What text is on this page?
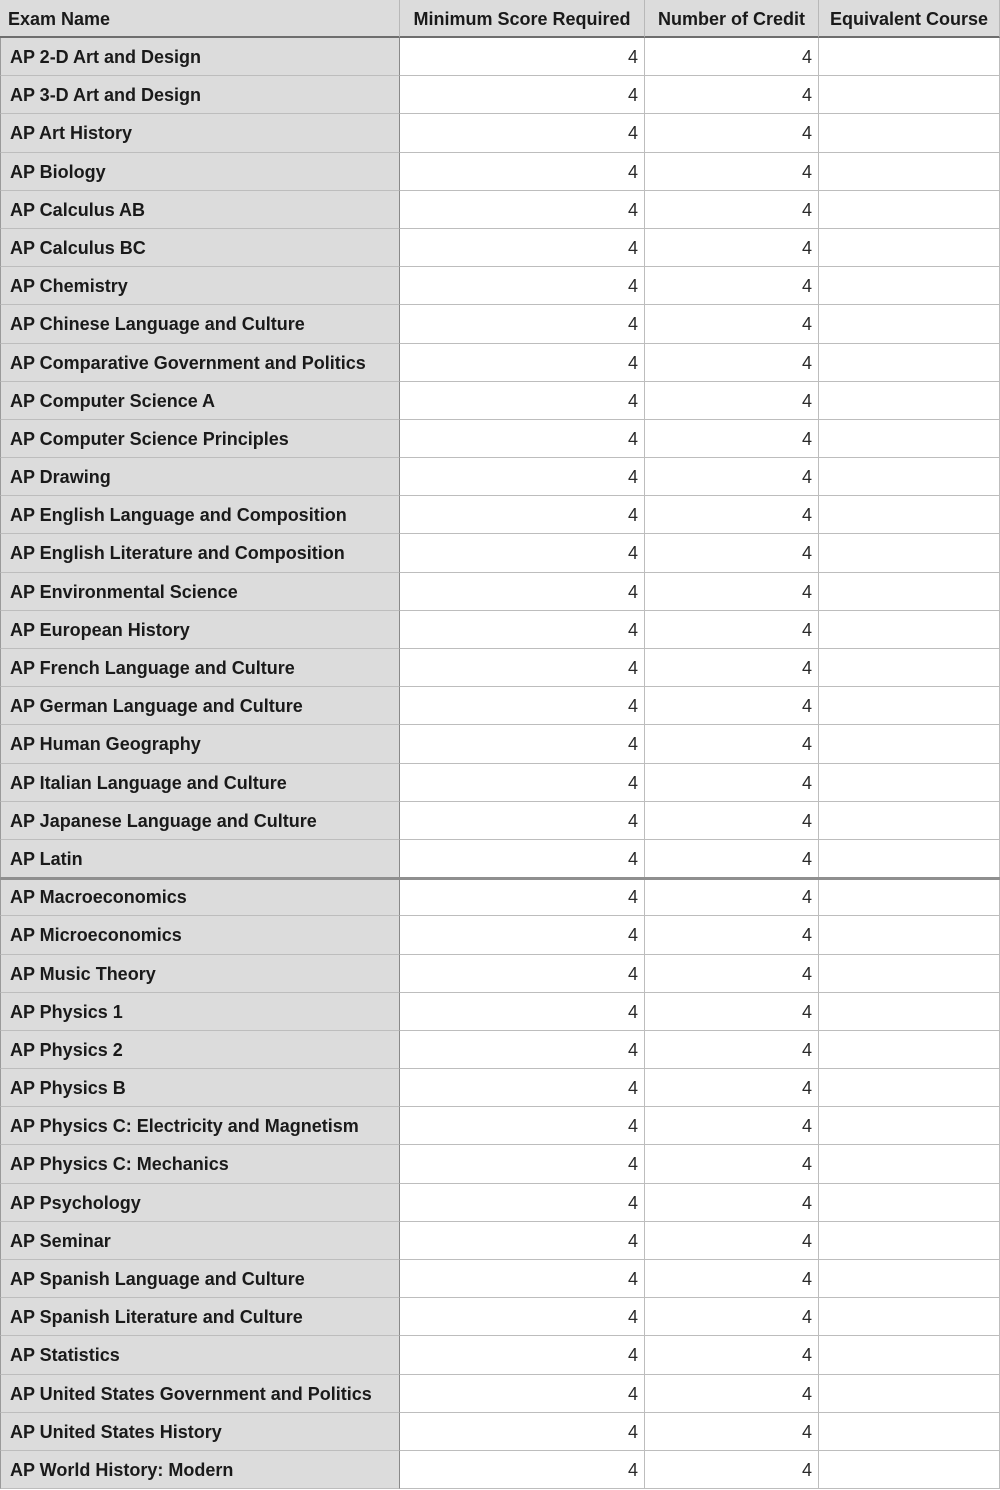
Exam Name	Minimum Score Required	Number of Credit	Equivalent Course
AP 2-D Art and Design	4	4
AP 3-D Art and Design	4	4
AP Art History	4	4
AP Biology	4	4
AP Calculus AB	4	4
AP Calculus BC	4	4
AP Chemistry	4	4
AP Chinese Language and Culture	4	4
AP Comparative Government and Politics	4	4
AP Computer Science A	4	4
AP Computer Science Principles	4	4
AP Drawing	4	4
AP English Language and Composition	4	4
AP English Literature and Composition	4	4
AP Environmental Science	4	4
AP European History	4	4
AP French Language and Culture	4	4
AP German Language and Culture	4	4
AP Human Geography	4	4
AP Italian Language and Culture	4	4
AP Japanese Language and Culture	4	4
AP Latin	4	4
AP Macroeconomics	4	4
AP Microeconomics	4	4
AP Music Theory	4	4
AP Physics 1	4	4
AP Physics 2	4	4
AP Physics B	4	4
AP Physics C: Electricity and Magnetism	4	4
AP Physics C: Mechanics	4	4
AP Psychology	4	4
AP Seminar	4	4
AP Spanish Language and Culture	4	4
AP Spanish Literature and Culture	4	4
AP Statistics	4	4
AP United States Government and Politics	4	4
AP United States History	4	4
AP World History: Modern	4	4
